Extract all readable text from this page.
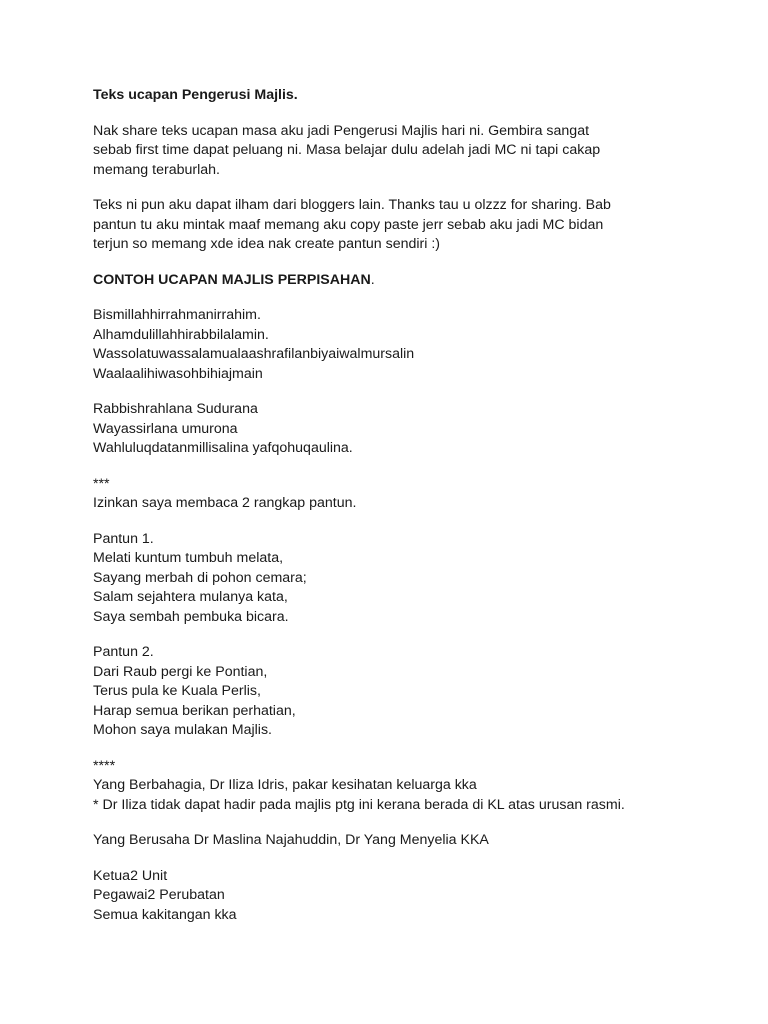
Teks ucapan Pengerusi Majlis.

Nak share teks ucapan masa aku jadi Pengerusi Majlis hari ni. Gembira sangat
sebab first time dapat peluang ni. Masa belajar dulu adelah jadi MC ni tapi cakap
memang teraburlah.

Teks ni pun aku dapat ilham dari bloggers lain. Thanks tau u olzzz for sharing. Bab
pantun tu aku mintak maaf memang aku copy paste jerr sebab aku jadi MC bidan
terjun so memang xde idea nak create pantun sendiri :)

CONTOH UCAPAN MAJLIS PERPISAHAN.

Bismillahhirrahmanirrahim.
Alhamdulillahhirabbilalamin.
Wassolatuwassalamualaashrafilanbiyaiwalmursalin
Waalaalihiwasohbihiajmain

Rabbishrahlana Sudurana
Wayassirlana umurona
Wahluluqdatanmillisalina yafqohuqaulina.

***
Izinkan saya membaca 2 rangkap pantun.

Pantun 1.
Melati kuntum tumbuh melata,
Sayang merbah di pohon cemara;
Salam sejahtera mulanya kata,
Saya sembah pembuka bicara.

Pantun 2.
Dari Raub pergi ke Pontian,
Terus pula ke Kuala Perlis,
Harap semua berikan perhatian,
Mohon saya mulakan Majlis.

****
Yang Berbahagia, Dr Iliza Idris, pakar kesihatan keluarga kka
* Dr Iliza tidak dapat hadir pada majlis ptg ini kerana berada di KL atas urusan rasmi.

Yang Berusaha Dr Maslina Najahuddin, Dr Yang Menyelia KKA

Ketua2 Unit
Pegawai2 Perubatan
Semua kakitangan kka
